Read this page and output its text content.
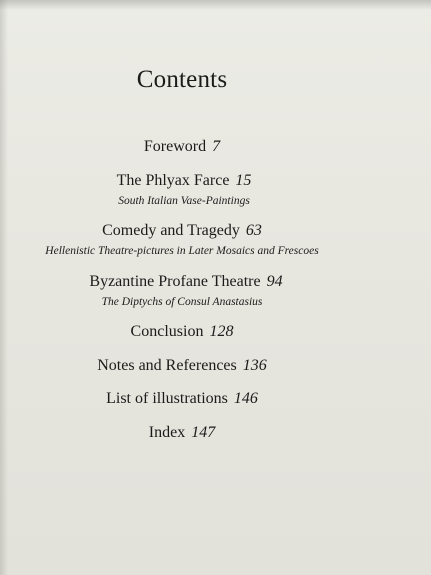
Contents
Foreword 7
The Phlyax Farce 15
South Italian Vase-Paintings
Comedy and Tragedy 63
Hellenistic Theatre-pictures in Later Mosaics and Frescoes
Byzantine Profane Theatre 94
The Diptychs of Consul Anastasius
Conclusion 128
Notes and References 136
List of illustrations 146
Index 147
